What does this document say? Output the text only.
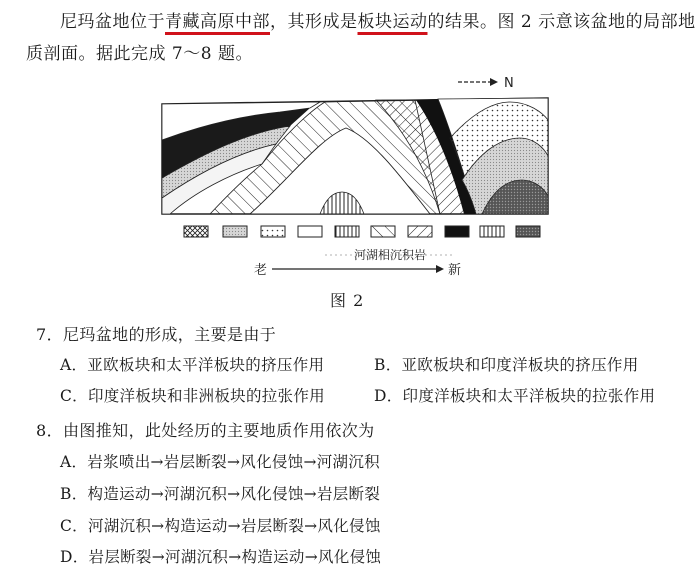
尼玛盆地位于青藏高原中部，其形成是板块运动的结果。图 2 示意该盆地的局部地
质剖面。据此完成 7～8 题。
N
河湖相沉积岩
老	新
图 2
7．尼玛盆地的形成，主要是由于
A．亚欧板块和太平洋板块的挤压作用	B．亚欧板块和印度洋板块的挤压作用
C．印度洋板块和非洲板块的拉张作用	D．印度洋板块和太平洋板块的拉张作用
8．由图推知，此处经历的主要地质作用依次为
A．岩浆喷出→岩层断裂→风化侵蚀→河湖沉积
B．构造运动→河湖沉积→风化侵蚀→岩层断裂
C．河湖沉积→构造运动→岩层断裂→风化侵蚀
D．岩层断裂→河湖沉积→构造运动→风化侵蚀
